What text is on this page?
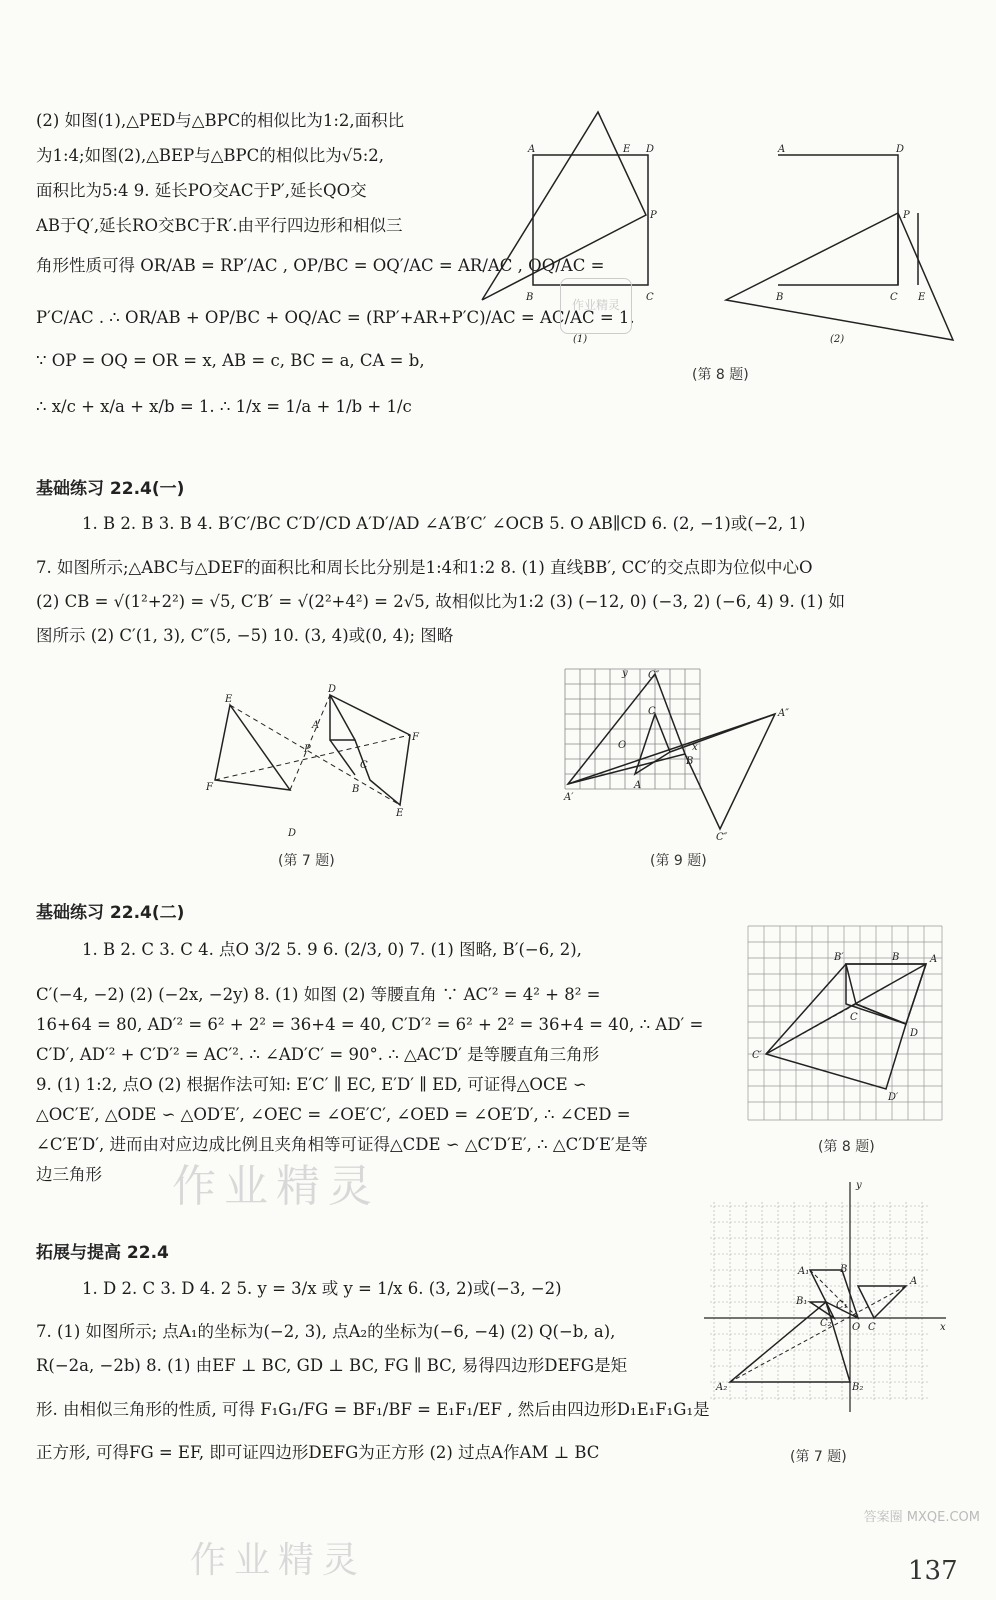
(2) 如图(1),△PED与△BPC的相似比为1:2,面积比
为1:4;如图(2),△BEP与△BPC的相似比为√5:2,
面积比为5:4 9. 延长PO交AC于P′,延长QO交
AB于Q′,延长RO交BC于R′.由平行四边形和相似三
角形性质可得 OR/AB = RP′/AC , OP/BC = OQ′/AC = AR/AC , OQ/AC =
P′C/AC . ∴ OR/AB + OP/BC + OQ/AC = (RP′+AR+P′C)/AC = AC/AC = 1.
∵ OP = OQ = OR = x, AB = c, BC = a, CA = b,
∴ x/c + x/a + x/b = 1. ∴ 1/x = 1/a + 1/b + 1/c
A	E D
P
B	C
(1)
A	D
P
B	C E
(2)
(第 8 题)
作业精灵
基础练习 22.4(一)
1. B 2. B 3. B 4. B′C′/BC C′D′/CD A′D′/AD ∠A′B′C′ ∠OCB 5. O AB∥CD 6. (2, −1)或(−2, 1)
7. 如图所示;△ABC与△DEF的面积比和周长比分别是1:4和1:2 8. (1) 直线BB′, CC′的交点即为位似中心O
(2) CB = √(1²+2²) = √5, C′B′ = √(2²+4²) = 2√5, 故相似比为1:2 (3) (−12, 0) (−3, 2) (−6, 4) 9. (1) 如
图所示 (2) C′(1, 3), C″(5, −5) 10. (3, 4)或(0, 4); 图略
D
E
A
F
P
C
F	B
E
D
(第 7 题)
y C″
C
O	x
B
A
A′
A″
C″
(第 9 题)
基础练习 22.4(二)
1. B 2. C 3. C 4. 点O 3/2 5. 9 6. (2/3, 0) 7. (1) 图略, B′(−6, 2),
C′(−4, −2) (2) (−2x, −2y) 8. (1) 如图 (2) 等腰直角 ∵ AC′² = 4² + 8² =
16+64 = 80, AD′² = 6² + 2² = 36+4 = 40, C′D′² = 6² + 2² = 36+4 = 40, ∴ AD′ =
C′D′, AD′² + C′D′² = AC′². ∴ ∠AD′C′ = 90°. ∴ △AC′D′ 是等腰直角三角形
9. (1) 1:2, 点O (2) 根据作法可知: E′C′ ∥ EC, E′D′ ∥ ED, 可证得△OCE ∽
△OC′E′, △ODE ∽ △OD′E′, ∠OEC = ∠OE′C′, ∠OED = ∠OE′D′, ∴ ∠CED =
∠C′E′D′, 进而由对应边成比例且夹角相等可证得△CDE ∽ △C′D′E′, ∴ △C′D′E′是等
边三角形
B′	B	A
C
D
C′
D′
(第 8 题)
作业精灵
拓展与提高 22.4
1. D 2. C 3. D 4. 2 5. y = 3/x 或 y = 1/x 6. (3, 2)或(−3, −2)
7. (1) 如图所示; 点A₁的坐标为(−2, 3), 点A₂的坐标为(−6, −4) (2) Q(−b, a),
R(−2a, −2b) 8. (1) 由EF ⊥ BC, GD ⊥ BC, FG ∥ BC, 易得四边形DEFG是矩
形. 由相似三角形的性质, 可得 F₁G₁/FG = BF₁/BF = E₁F₁/EF , 然后由四边形D₁E₁F₁G₁是
正方形, 可得FG = EF, 即可证四边形DEFG为正方形 (2) 过点A作AM ⊥ BC
y
A₁	B
A
B₁	C₁
C₂ O C	x
A₂	B₂
(第 7 题)
作业精灵	137
答案圈 MXQE.COM
